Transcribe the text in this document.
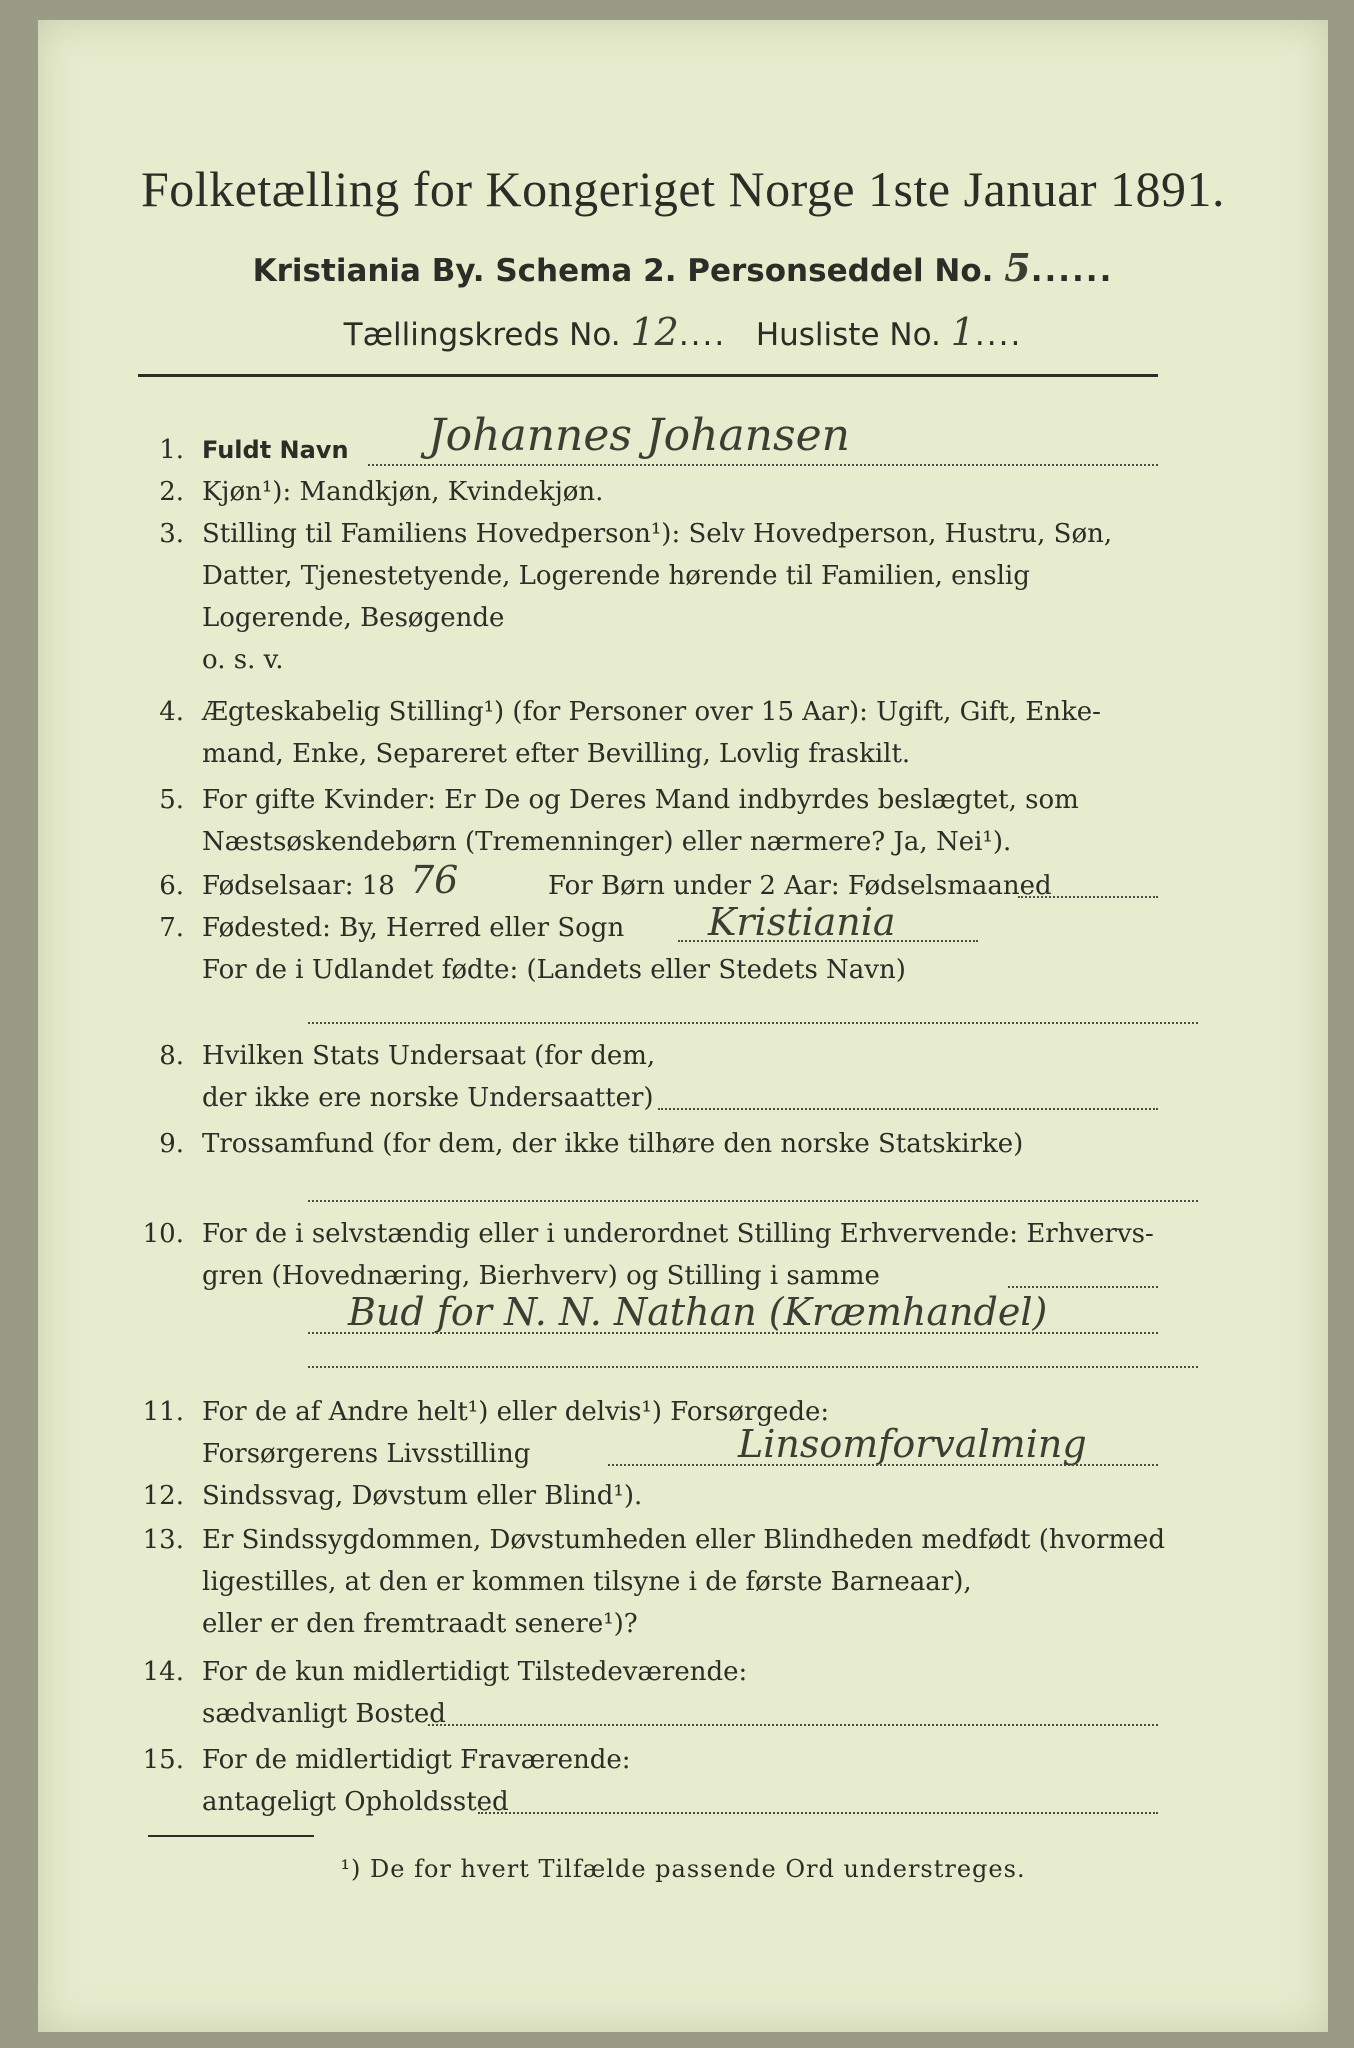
Folketælling for Kongeriget Norge 1ste Januar 1891.
Kristiania By. Schema 2. Personseddel No. 5......
Tællingskreds No. 12.... Husliste No. 1....
1. Fuldt Navn Johannes Johansen
2. Kjøn¹): Mandkjøn, Kvindekjøn.
3. Stilling til Familiens Hovedperson¹): Selv Hovedperson, Hustru, Søn,
Datter, Tjenestetyende, Logerende hørende til Familien, enslig
Logerende, Besøgende
o. s. v.
4. Ægteskabelig Stilling¹) (for Personer over 15 Aar): Ugift, Gift, Enke-
mand, Enke, Separeret efter Bevilling, Lovlig fraskilt.
5. For gifte Kvinder: Er De og Deres Mand indbyrdes beslægtet, som
Næstsøskendebørn (Tremenninger) eller nærmere? Ja, Nei¹).
6. Fødselsaar: 18 76	For Børn under 2 Aar: Fødselsmaaned
7. Fødested: By, Herred eller Sogn Kristiania
For de i Udlandet fødte: (Landets eller Stedets Navn)
8. Hvilken Stats Undersaat (for dem,
der ikke ere norske Undersaatter)
9. Trossamfund (for dem, der ikke tilhøre den norske Statskirke)
10. For de i selvstændig eller i underordnet Stilling Erhvervende: Erhvervs-
gren (Hovednæring, Bierhverv) og Stilling i samme
Bud for N. N. Nathan (Kræmhandel)
11. For de af Andre helt¹) eller delvis¹) Forsørgede:
Forsørgerens Livsstilling	Linsomforvalming
12. Sindssvag, Døvstum eller Blind¹).
13. Er Sindssygdommen, Døvstumheden eller Blindheden medfødt (hvormed
ligestilles, at den er kommen tilsyne i de første Barneaar),
eller er den fremtraadt senere¹)?
14. For de kun midlertidigt Tilstedeværende:
sædvanligt Bosted
15. For de midlertidigt Fraværende:
antageligt Opholdssted
¹) De for hvert Tilfælde passende Ord understreges.
